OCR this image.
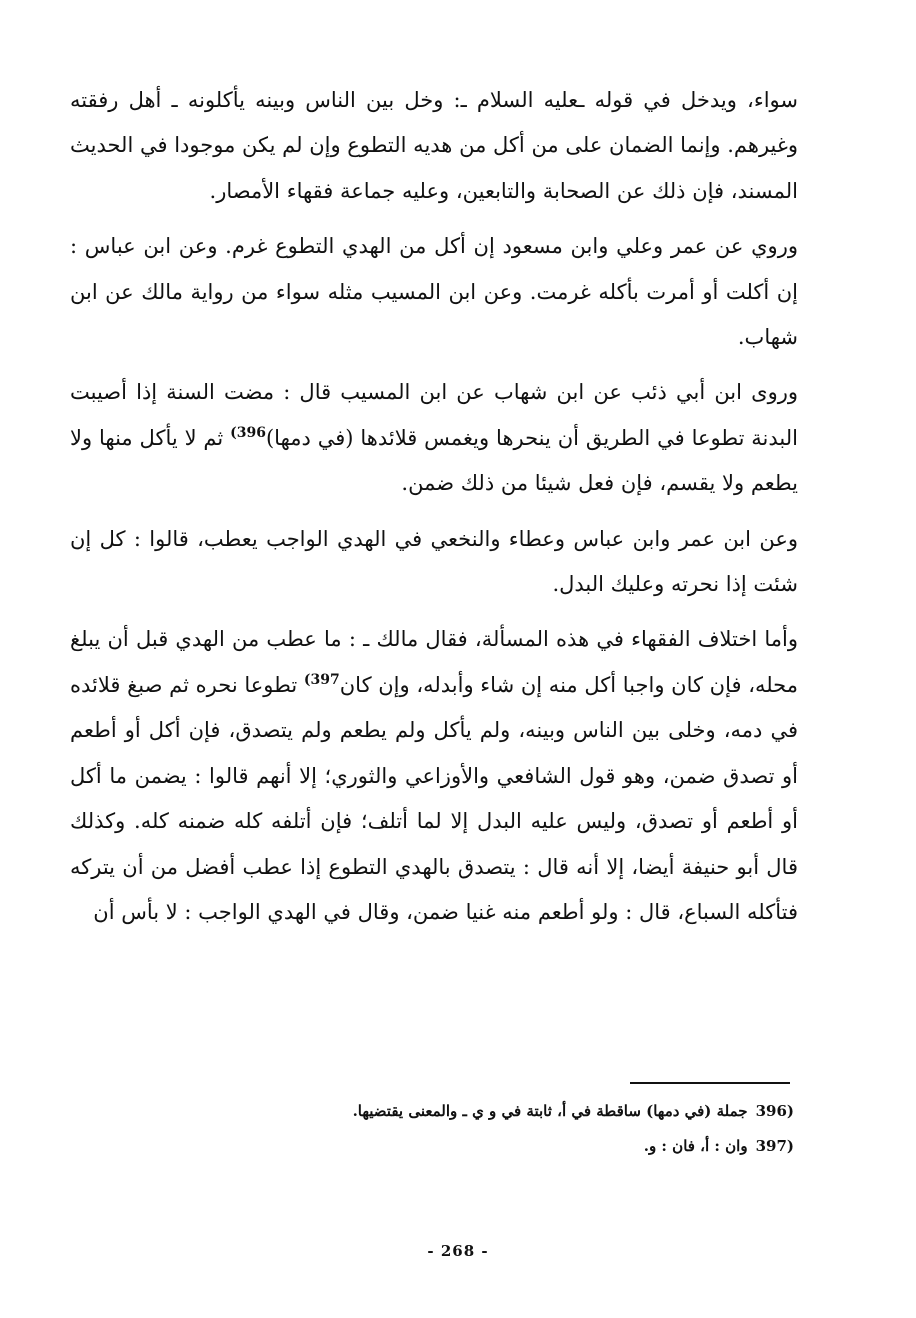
سواء، ويدخل في قوله ـعليه السلام ـ: وخل بين الناس وبينه يأكلونه ـ أهل رفقته وغيرهم. وإنما الضمان على من أكل من هديه التطوع وإن لم يكن موجودا في الحديث المسند، فإن ذلك عن الصحابة والتابعين، وعليه جماعة فقهاء الأمصار.

وروي عن عمر وعلي وابن مسعود إن أكل من الهدي التطوع غرم. وعن ابن عباس : إن أكلت أو أمرت بأكله غرمت. وعن ابن المسيب مثله سواء من رواية مالك عن ابن شهاب.

وروى ابن أبي ذئب عن ابن شهاب عن ابن المسيب قال : مضت السنة إذا أصيبت البدنة تطوعا في الطريق أن ينحرها ويغمس قلائدها (في دمها)$^{(396}$ ثم لا يأكل منها ولا يطعم ولا يقسم، فإن فعل شيئا من ذلك ضمن.

وعن ابن عمر وابن عباس وعطاء والنخعي في الهدي الواجب يعطب، قالوا : كل إن شئت إذا نحرته وعليك البدل.

وأما اختلاف الفقهاء في هذه المسألة، فقال مالك ـ : ما عطب من الهدي قبل أن يبلغ محله، فإن كان واجبا أكل منه إن شاء وأبدله، وإن كان$^{(397}$ تطوعا نحره ثم صبغ قلائده في دمه، وخلى بين الناس وبينه، ولم يأكل ولم يطعم ولم يتصدق، فإن أكل أو أطعم أو تصدق ضمن، وهو قول الشافعي والأوزاعي والثوري؛ إلا أنهم قالوا : يضمن ما أكل أو أطعم أو تصدق، وليس عليه البدل إلا لما أتلف؛ فإن أتلفه كله ضمنه كله. وكذلك قال أبو حنيفة أيضا، إلا أنه قال : يتصدق بالهدي التطوع إذا عطب أفضل من أن يتركه فتأكله السباع، قال : ولو أطعم منه غنيا ضمن، وقال في الهدي الواجب : لا بأس أن

396)
جملة (في دمها) ساقطة في أ، ثابتة في و ي ـ والمعنى يقتضيها.
397)
وان : أ، فان : و.
- 268 -
